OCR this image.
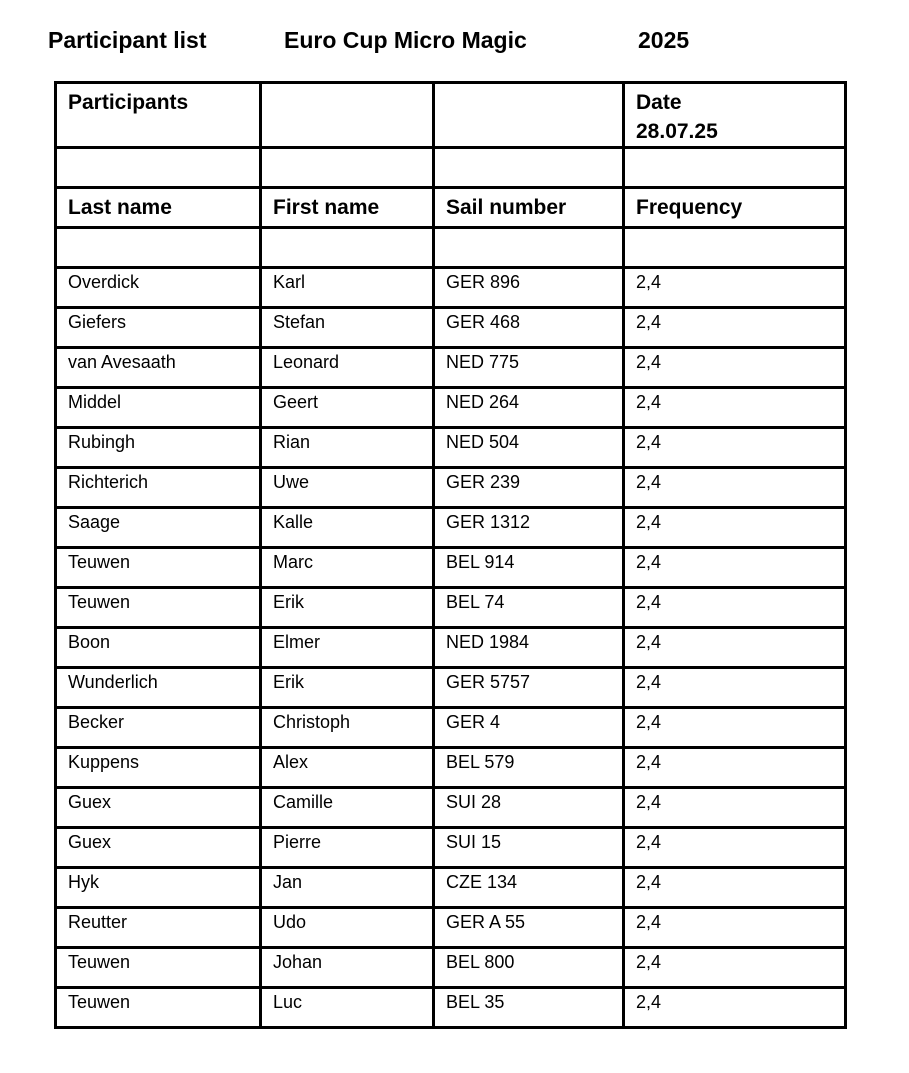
Participant list	Euro Cup Micro Magic	2025
Participants			Date
28.07.25

Last name	First name	Sail number	Frequency

Overdick	Karl	GER 896	2,4
Giefers	Stefan	GER 468	2,4
van Avesaath	Leonard	NED 775	2,4
Middel	Geert	NED 264	2,4
Rubingh	Rian	NED 504	2,4
Richterich	Uwe	GER 239	2,4
Saage	Kalle	GER 1312	2,4
Teuwen	Marc	BEL 914	2,4
Teuwen	Erik	BEL 74	2,4
Boon	Elmer	NED 1984	2,4
Wunderlich	Erik	GER 5757	2,4
Becker	Christoph	GER 4	2,4
Kuppens	Alex	BEL 579	2,4
Guex	Camille	SUI 28	2,4
Guex	Pierre	SUI 15	2,4
Hyk	Jan	CZE 134	2,4
Reutter	Udo	GER A 55	2,4
Teuwen	Johan	BEL 800	2,4
Teuwen	Luc	BEL 35	2,4
